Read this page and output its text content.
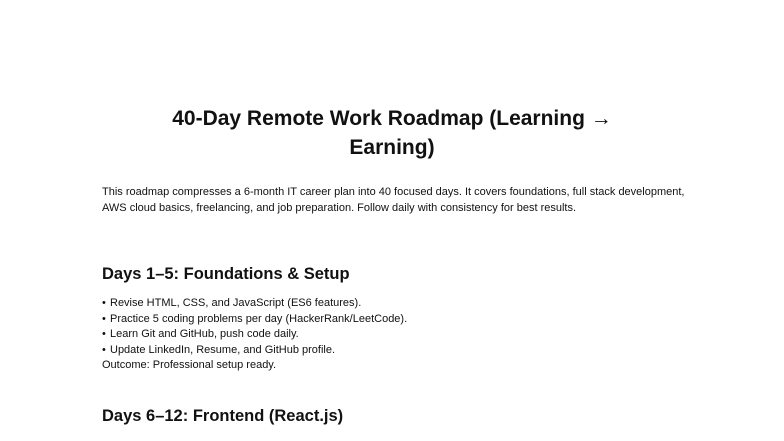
40-Day Remote Work Roadmap (Learning →
Earning)

This roadmap compresses a 6-month IT career plan into 40 focused days. It covers foundations, full stack development, AWS cloud basics, freelancing, and job preparation. Follow daily with consistency for best results.

Days 1–5: Foundations & Setup
• Revise HTML, CSS, and JavaScript (ES6 features).
• Practice 5 coding problems per day (HackerRank/LeetCode).
• Learn Git and GitHub, push code daily.
• Update LinkedIn, Resume, and GitHub profile.
Outcome: Professional setup ready.
Days 6–12: Frontend (React.js)
